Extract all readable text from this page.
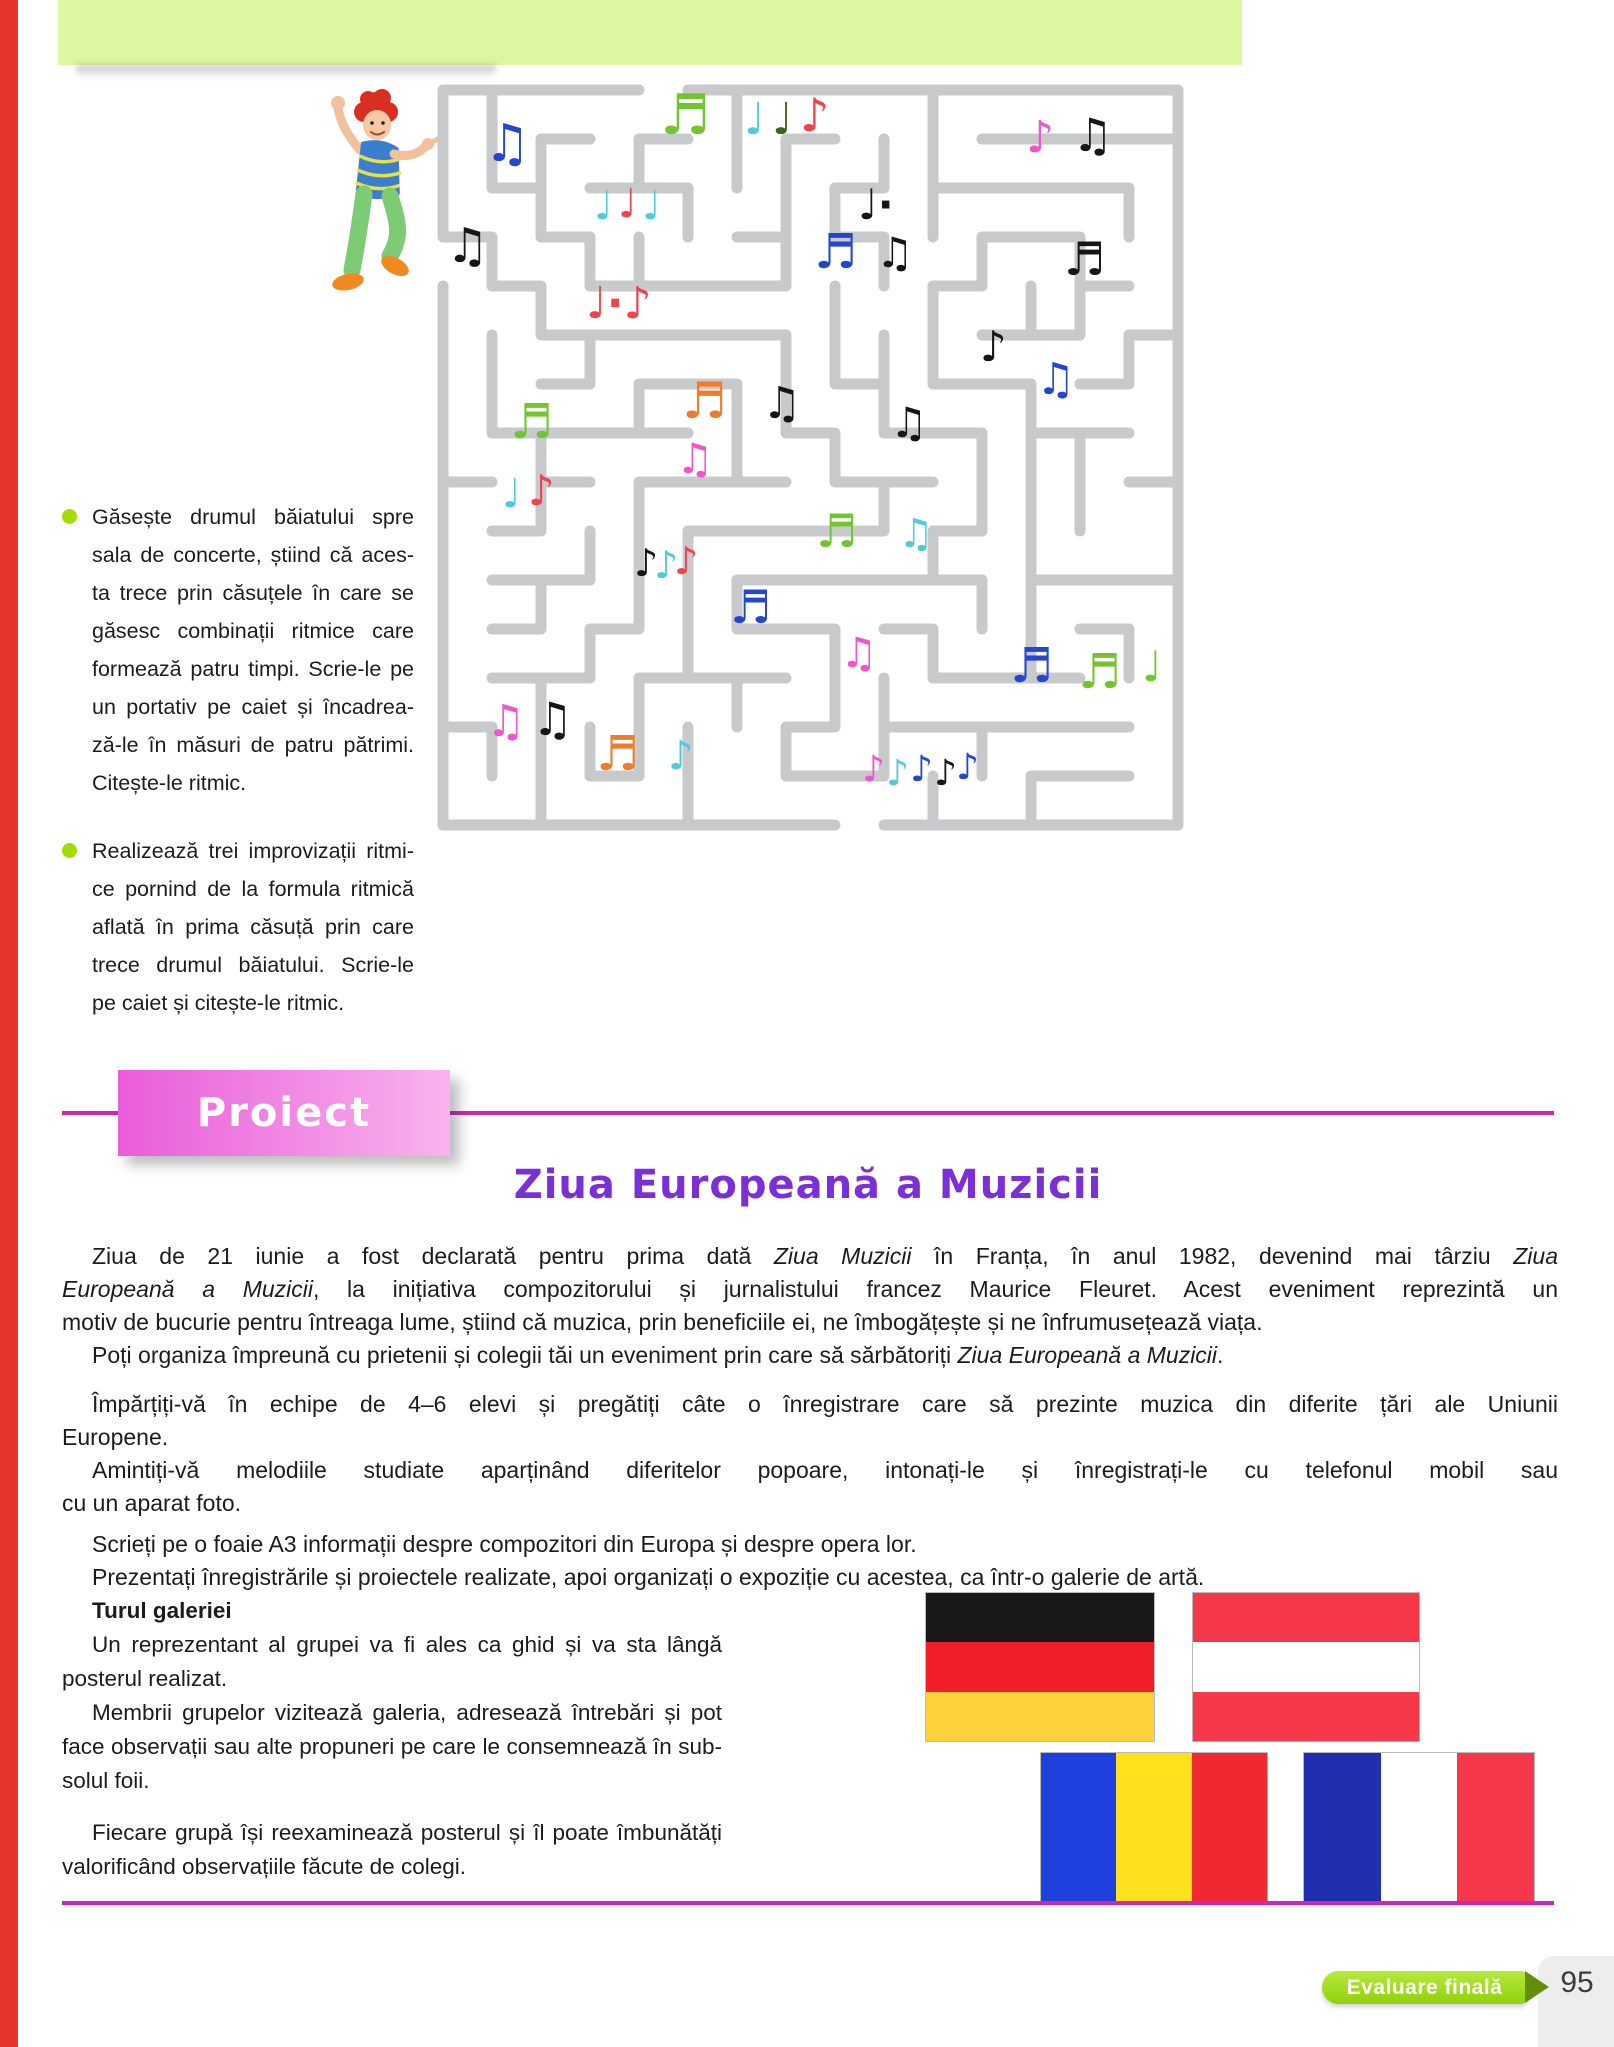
♫ ♬ ♩ ♩ ♪	♪ ♫
♩ ♩ ♩	♩·
♫	♬ ♫	♬
♩·♪
♪
♫
♬ ♫
♬	♫
♫
♩ ♪
♬ ♫
♪
♪
♪
♬
♫	♬ ♬ ♩
♫ ♫
♬ ♪	♪ ♪ ♪ ♪ ♪
Găsește drumul băiatului spre
sala de concerte, știind că aces-
ta trece prin căsuțele în care se
găsesc combinații ritmice care
formează patru timpi. Scrie-le pe
un portativ pe caiet și încadrea-
ză-le în măsuri de patru pătrimi.
Citește-le ritmic.
Realizează trei improvizații ritmi-
ce pornind de la formula ritmică
aflată în prima căsuță prin care
trece drumul băiatului. Scrie-le
pe caiet și citește-le ritmic.
Proiect
Ziua Europeană a Muzicii
Ziua de 21 iunie a fost declarată pentru prima dată Ziua Muzicii în Franța, în anul 1982, devenind mai târziu Ziua
Europeană a Muzicii, la inițiativa compozitorului și jurnalistului francez Maurice Fleuret. Acest eveniment reprezintă un
motiv de bucurie pentru întreaga lume, știind că muzica, prin beneficiile ei, ne îmbogățește și ne înfrumusețează viața.
Poți organiza împreună cu prietenii și colegii tăi un eveniment prin care să sărbătoriți Ziua Europeană a Muzicii.
Împărțiți-vă în echipe de 4–6 elevi și pregătiți câte o înregistrare care să prezinte muzica din diferite țări ale Uniunii
Europene.
Amintiți-vă melodiile studiate aparținând diferitelor popoare, intonați-le și înregistrați-le cu telefonul mobil sau
cu un aparat foto.
Scrieți pe o foaie A3 informații despre compozitori din Europa și despre opera lor.
Prezentați înregistrările și proiectele realizate, apoi organizați o expoziție cu acestea, ca într-o galerie de artă.

Turul galeriei

Un reprezentant al grupei va fi ales ca ghid și va sta lângă
posterul realizat.
Membrii grupelor vizitează galeria, adresează întrebări și pot
face observații sau alte propuneri pe care le consemnează în sub-
solul foii.
Fiecare grupă își reexaminează posterul și îl poate îmbunătăți
valorificând observațiile făcute de colegi.
Evaluare finală	95
